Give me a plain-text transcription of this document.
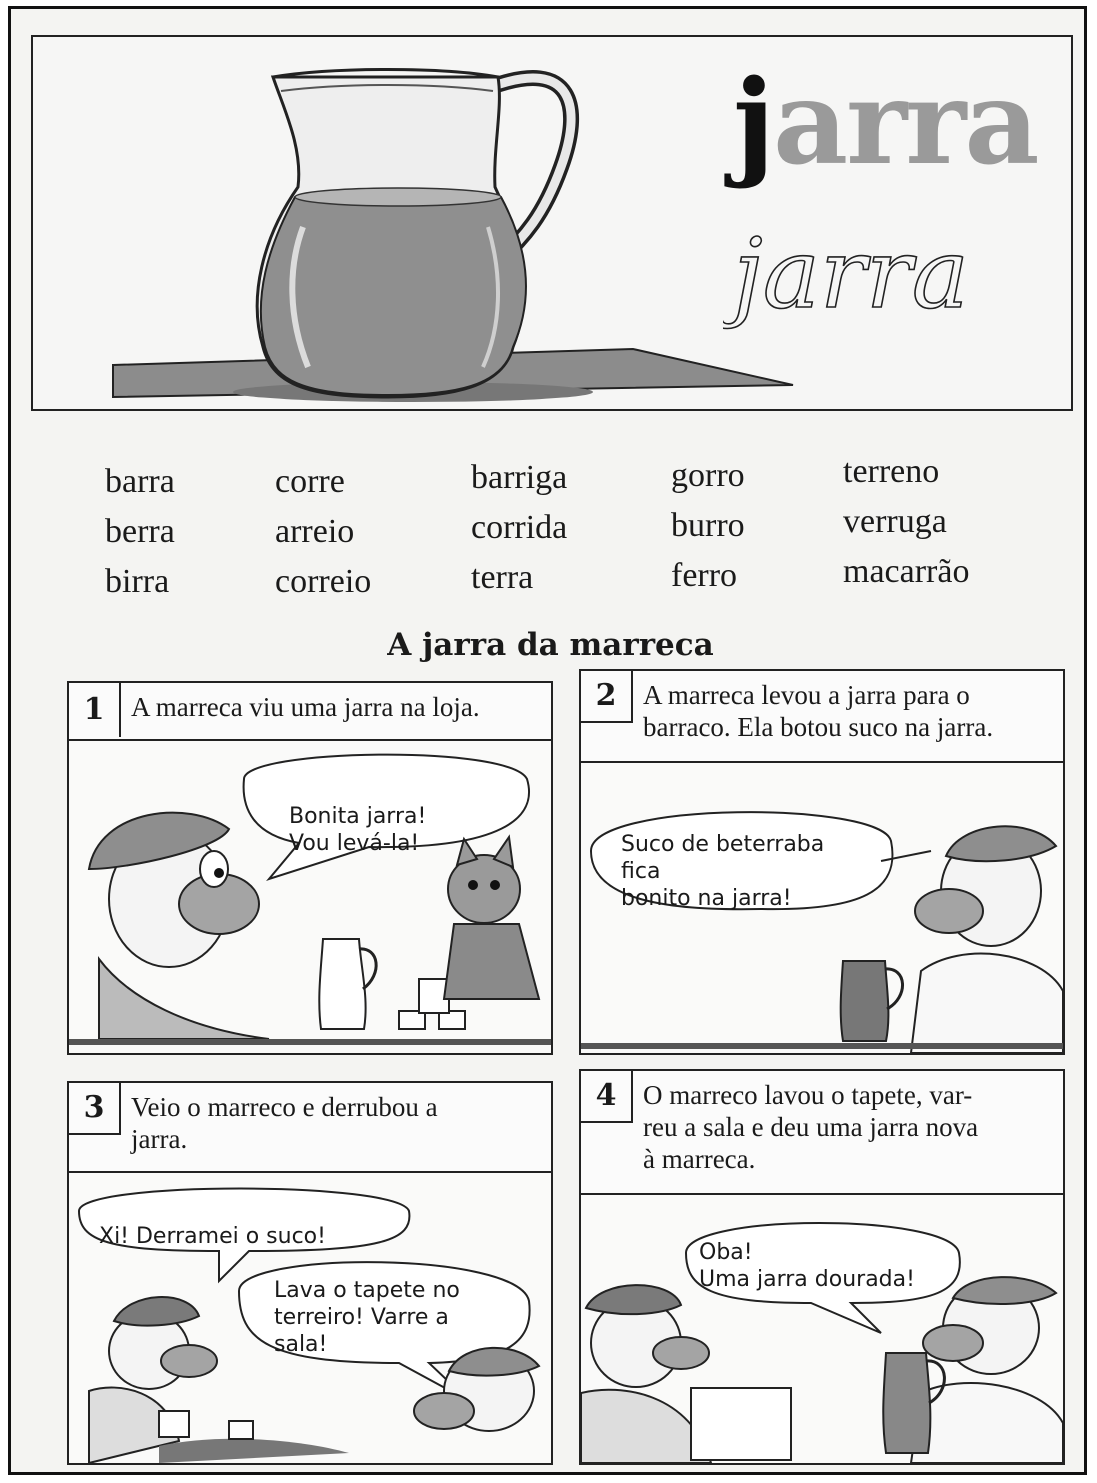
jarra
jarra
barra
berra
birra
corre
arreio
correio
barriga
corrida
terra
gorro
burro
ferro
terreno
verruga
macarrão
A jarra da marreca
1 A marreca viu uma jarra na loja.
Bonita jarra!
Vou levá-la!
2 A marreca levou a jarra para o
barraco. Ela botou suco na jarra.
Suco de beterraba
fica
bonito na jarra!
3 Veio o marreco e derrubou a
jarra.
Xi! Derramei o suco!
Lava o tapete no
terreiro! Varre a
sala!
4 O marreco lavou o tapete, var-
reu a sala e deu uma jarra nova
à marreca.
Oba!
Uma jarra dourada!
